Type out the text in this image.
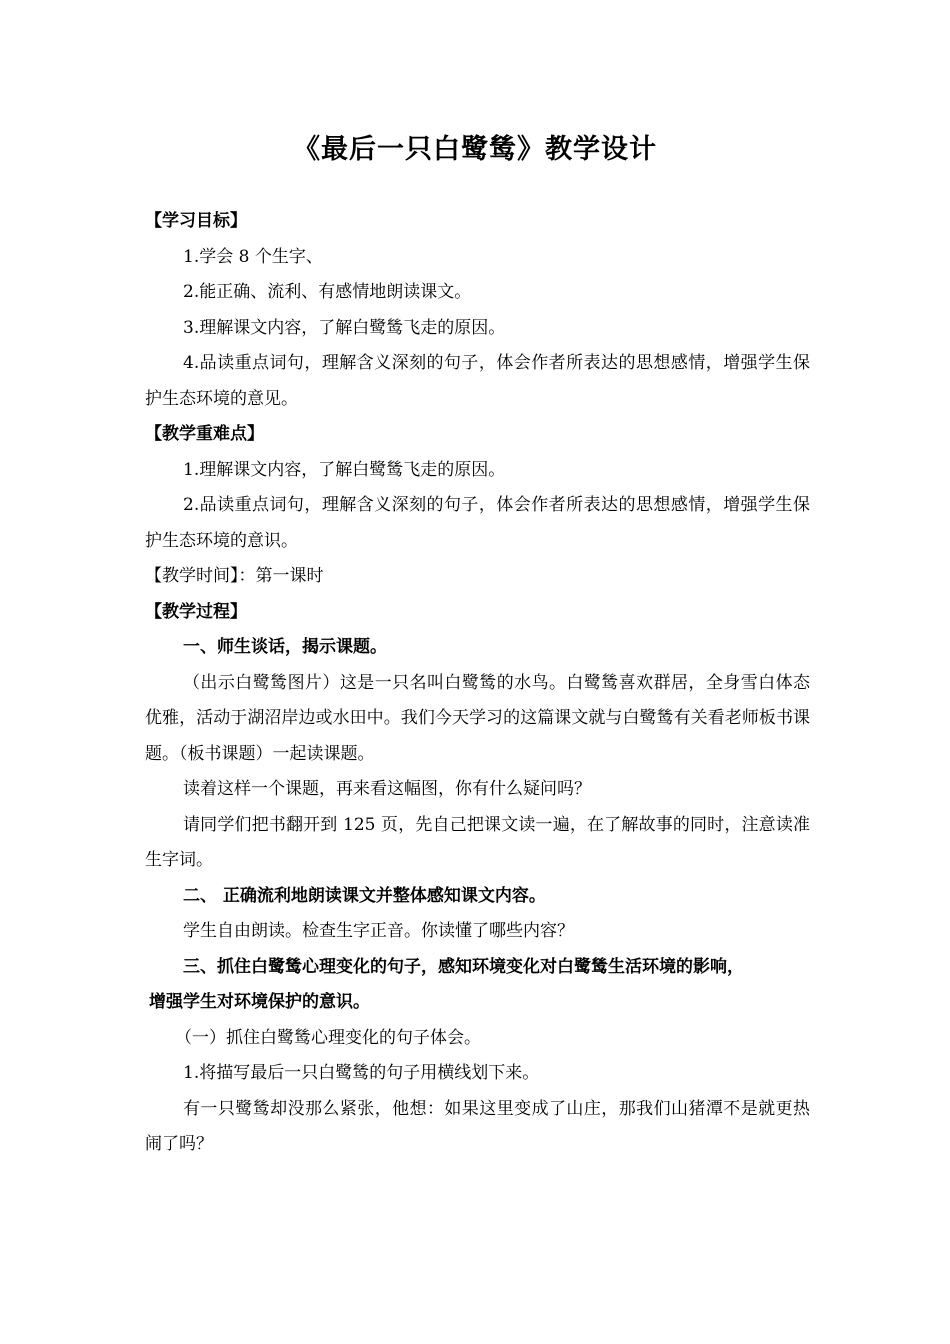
《最后一只白鹭鸶》教学设计

【学习目标】

1.学会 8 个生字、

2.能正确、流利、有感情地朗读课文。

3.理解课文内容，了解白鹭鸶飞走的原因。

4.品读重点词句，理解含义深刻的句子，体会作者所表达的思想感情，增强学生保护生态环境的意见。

【教学重难点】

1.理解课文内容，了解白鹭鸶飞走的原因。

2.品读重点词句，理解含义深刻的句子，体会作者所表达的思想感情，增强学生保护生态环境的意识。

【教学时间】：第一课时

【教学过程】

一、师生谈话，揭示课题。

（出示白鹭鸶图片）这是一只名叫白鹭鸶的水鸟。白鹭鸶喜欢群居，全身雪白体态优雅，活动于湖沼岸边或水田中。我们今天学习的这篇课文就与白鹭鸶有关看老师板书课题。（板书课题）一起读课题。

读着这样一个课题，再来看这幅图，你有什么疑问吗？

请同学们把书翻开到 125 页，先自己把课文读一遍，在了解故事的同时，注意读准生字词。

二、 正确流利地朗读课文并整体感知课文内容。

学生自由朗读。检查生字正音。你读懂了哪些内容？

三、抓住白鹭鸶心理变化的句子，感知环境变化对白鹭鸶生活环境的影响，

增强学生对环境保护的意识。

（一）抓住白鹭鸶心理变化的句子体会。

1.将描写最后一只白鹭鸶的句子用横线划下来。

有一只鹭鸶却没那么紧张，他想：如果这里变成了山庄，那我们山猪潭不是就更热闹了吗？
